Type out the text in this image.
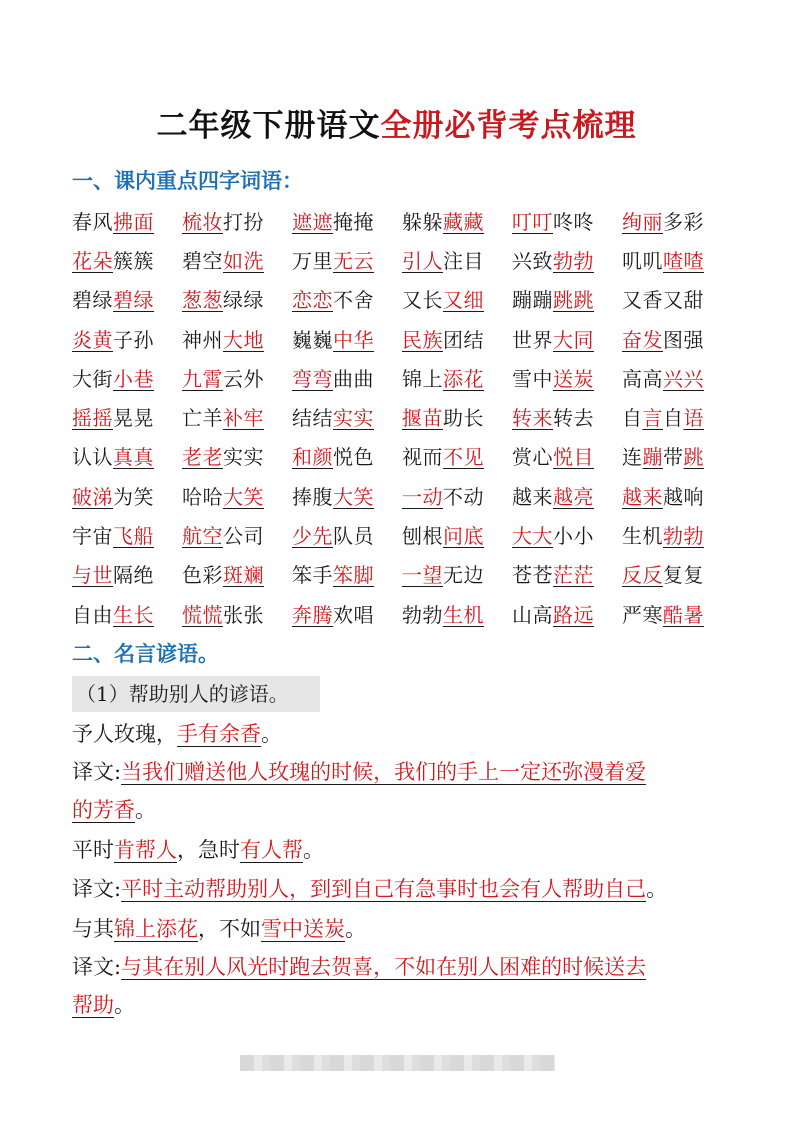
二年级下册语文全册必背考点梳理
一、课内重点四字词语：
春风拂面	梳妆打扮	遮遮掩掩	躲躲藏藏	叮叮咚咚	绚丽多彩
花朵簇簇	碧空如洗	万里无云	引人注目	兴致勃勃	叽叽喳喳
碧绿碧绿	葱葱绿绿	恋恋不舍	又长又细	蹦蹦跳跳	又香又甜
炎黄子孙	神州大地	巍巍中华	民族团结	世界大同	奋发图强
大街小巷	九霄云外	弯弯曲曲	锦上添花	雪中送炭	高高兴兴
摇摇晃晃	亡羊补牢	结结实实	揠苗助长	转来转去	自言自语
认认真真	老老实实	和颜悦色	视而不见	赏心悦目	连蹦带跳
破涕为笑	哈哈大笑	捧腹大笑	一动不动	越来越亮	越来越响
宇宙飞船	航空公司	少先队员	刨根问底	大大小小	生机勃勃
与世隔绝	色彩斑斓	笨手笨脚	一望无边	苍苍茫茫	反反复复
自由生长	慌慌张张	奔腾欢唱	勃勃生机	山高路远	严寒酷暑
二、名言谚语。
（1）帮助别人的谚语。
予人玫瑰，手有余香。
译文:当我们赠送他人玫瑰的时候，我们的手上一定还弥漫着爱
的芳香。
平时肯帮人，急时有人帮。
译文:平时主动帮助别人，到到自己有急事时也会有人帮助自己。
与其锦上添花，不如雪中送炭。
译文:与其在别人风光时跑去贺喜，不如在别人困难的时候送去
帮助。
